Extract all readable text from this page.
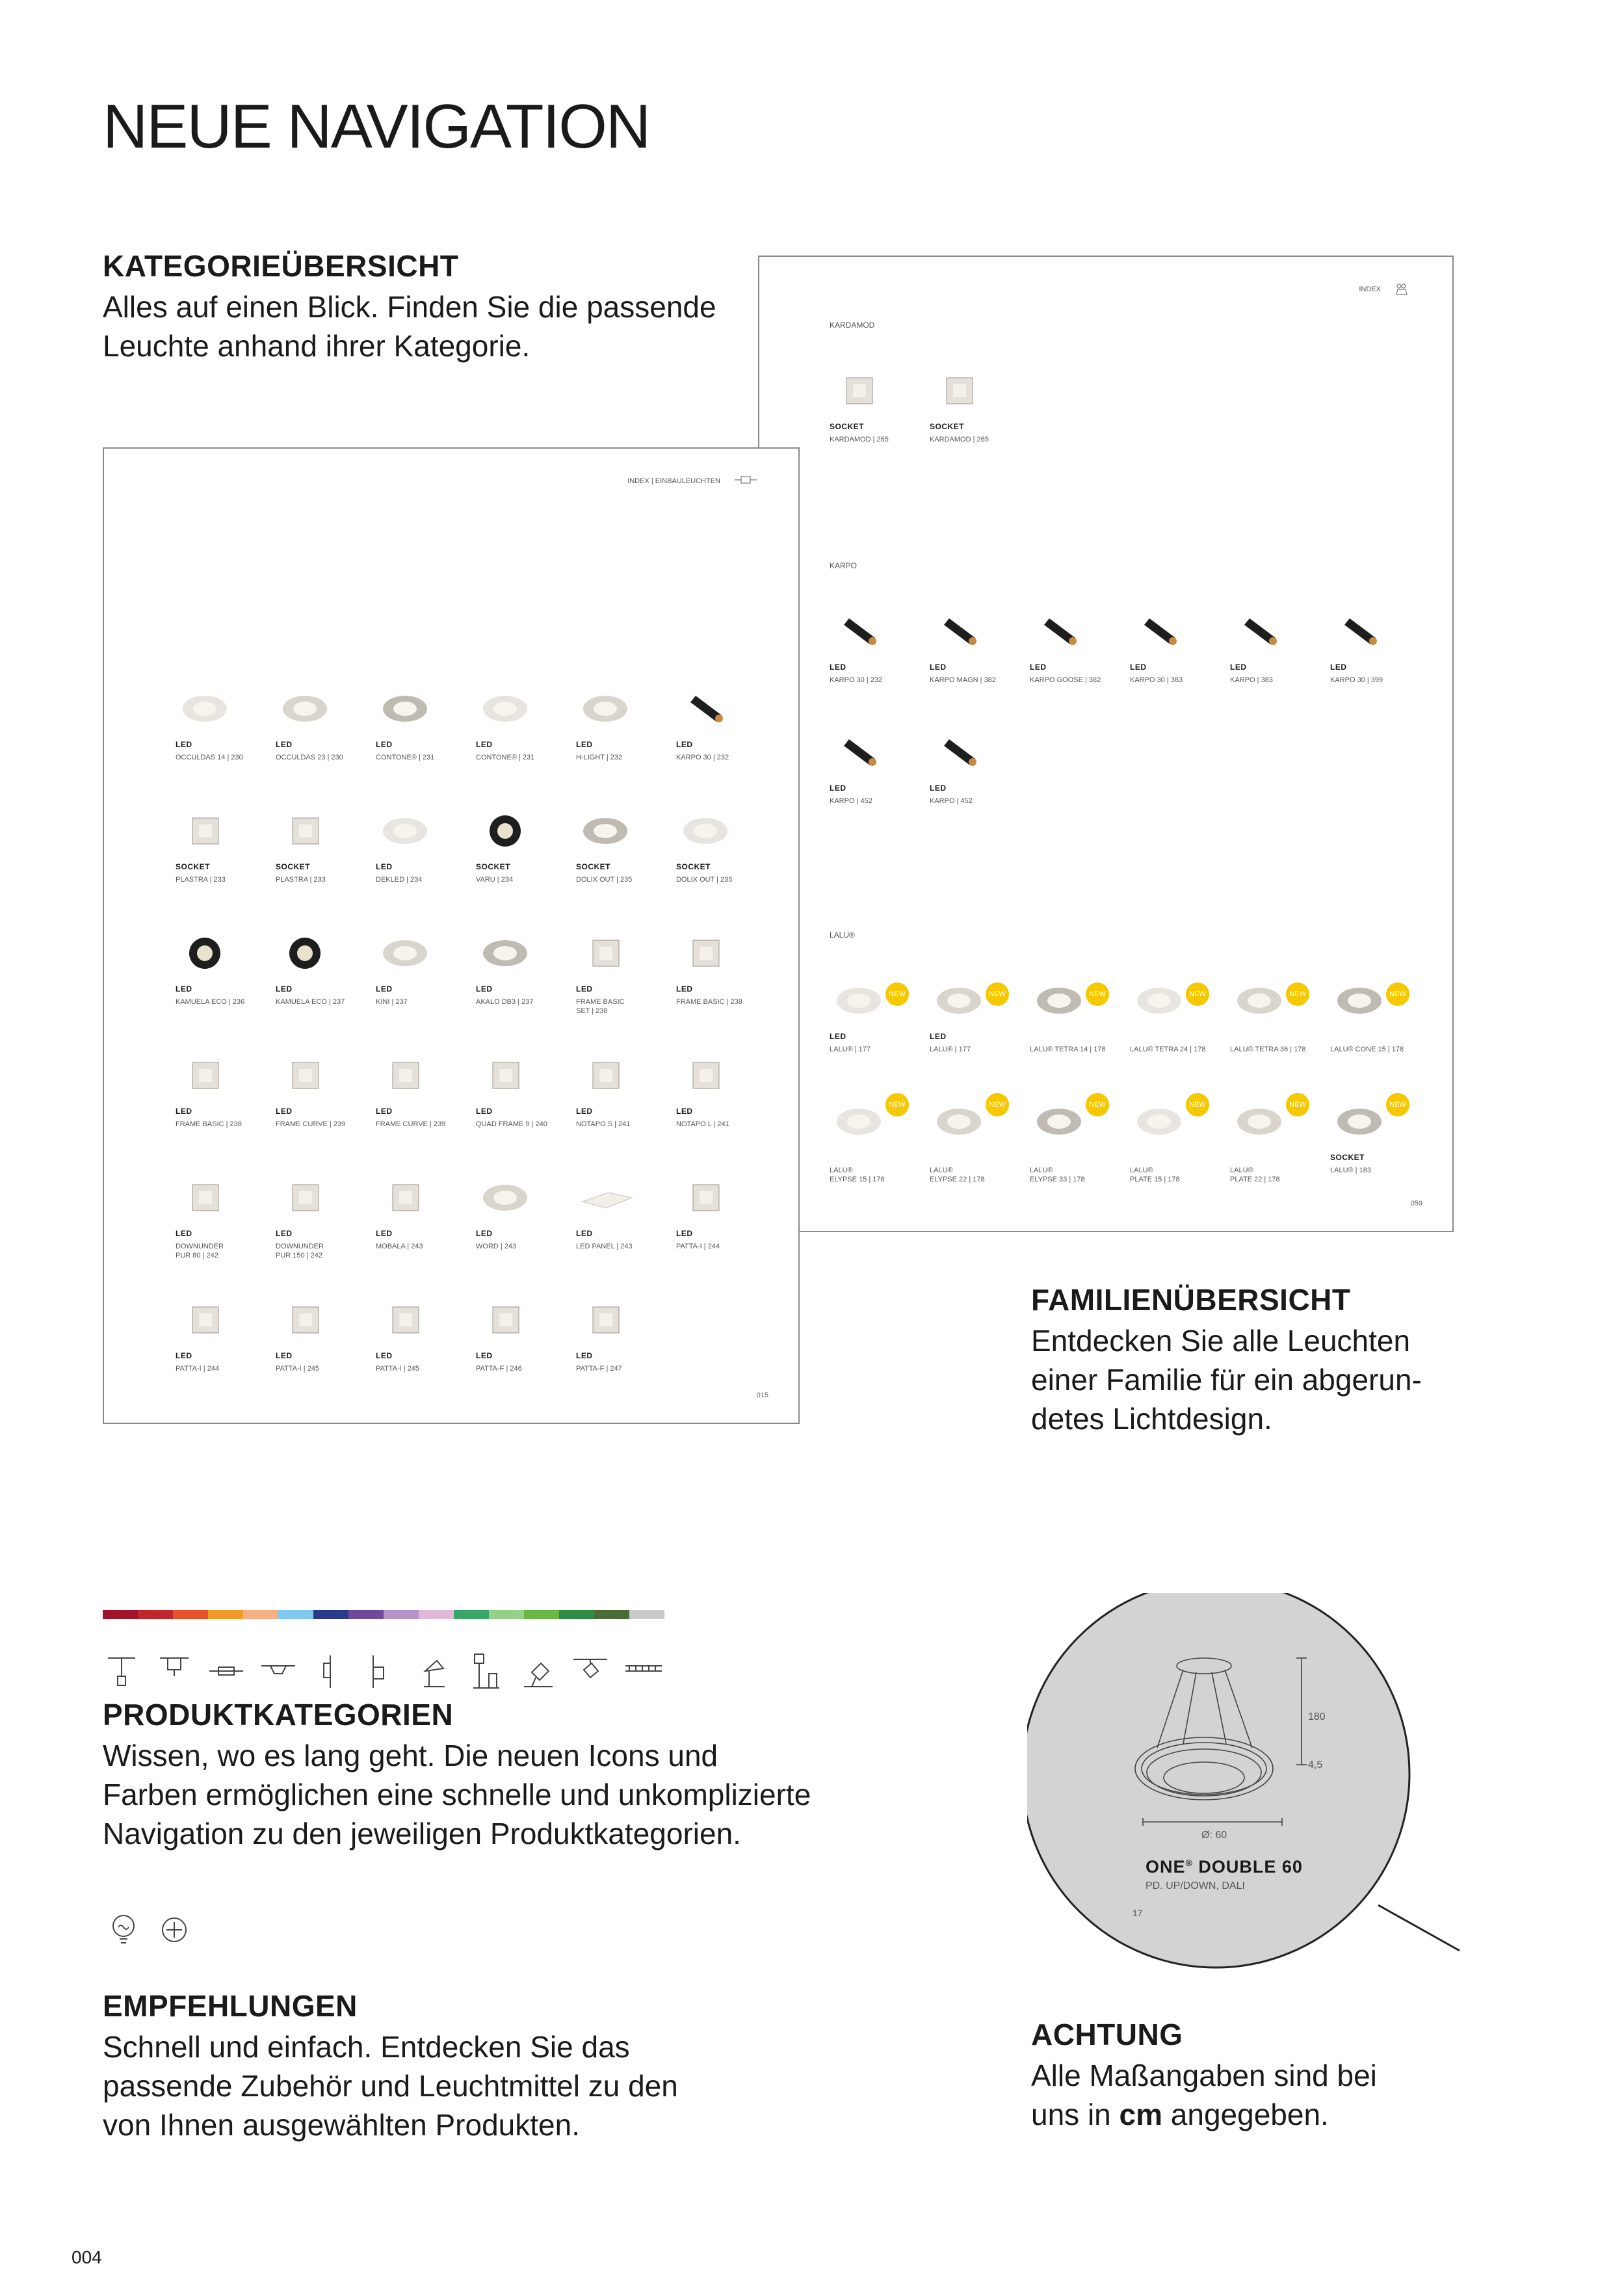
NEUE NAVIGATION
KATEGORIEÜBERSICHT

Alles auf einen Blick. Finden Sie die passende

Leuchte anhand ihrer Kategorie.

INDEX
KARDAMOD
SOCKET
KARDAMOD | 265
SOCKET
KARDAMOD | 265
KARPO
LED
KARPO 30 | 232
LED
KARPO MAGN | 382
LED
KARPO GOOSE | 382
LED
KARPO 30 | 383
LED
KARPO | 383
LED
KARPO 30 | 399
LED
KARPO | 452
LED
KARPO | 452
LALU®
LED
LALU® | 177
NEW
LED
LALU® | 177
NEW
LALU® TETRA 14 | 178
NEW
LALU® TETRA 24 | 178
NEW
LALU® TETRA 36 | 178
NEW
LALU® CONE 15 | 178
NEW
LALU®
ELYPSE 15 | 178
NEW
LALU®
ELYPSE 22 | 178
NEW
LALU®
ELYPSE 33 | 178
NEW
LALU®
PLATE 15 | 178
NEW
LALU®
PLATE 22 | 178
NEW
SOCKET
LALU® | 183
NEW
059
INDEX | EINBAULEUCHTEN
LED
OCCULDAS 14 | 230
LED
OCCULDAS 23 | 230
LED
CONTONE® | 231
LED
CONTONE® | 231
LED
H-LIGHT | 232
LED
KARPO 30 | 232
SOCKET
PLASTRA | 233
SOCKET
PLASTRA | 233
LED
DEKLED | 234
SOCKET
VARU | 234
SOCKET
DOLIX OUT | 235
SOCKET
DOLIX OUT | 235
LED
KAMUELA ECO | 236
LED
KAMUELA ECO | 237
LED
KINI | 237
LED
AKALO DB3 | 237
LED
FRAME BASIC
SET | 238
LED
FRAME BASIC | 238
LED
FRAME BASIC | 238
LED
FRAME CURVE | 239
LED
FRAME CURVE | 239
LED
QUAD FRAME 9 | 240
LED
NOTAPO S | 241
LED
NOTAPO L | 241
LED
DOWNUNDER
PUR 80 | 242
LED
DOWNUNDER
PUR 150 | 242
LED
MOBALA | 243
LED
WORD | 243
LED
LED PANEL | 243
LED
PATTA-I | 244
LED
PATTA-I | 244
LED
PATTA-I | 245
LED
PATTA-I | 245
LED
PATTA-F | 246
LED
PATTA-F | 247
015
FAMILIENÜBERSICHT

Entdecken Sie alle Leuchten

einer Familie für ein abgerun-

detes Lichtdesign.

PRODUKTKATEGORIEN

Wissen, wo es lang geht. Die neuen Icons und

Farben ermöglichen eine schnelle und unkomplizierte

Navigation zu den jeweiligen Produktkategorien.

EMPFEHLUNGEN

Schnell und einfach. Entdecken Sie das

passende Zubehör und Leuchtmittel zu den

von Ihnen ausgewählten Produkten.

180
4,5
Ø: 60
ONE® DOUBLE 60
PD. UP/DOWN, DALI
17
ACHTUNG

Alle Maßangaben sind bei

uns in cm angegeben.

004
